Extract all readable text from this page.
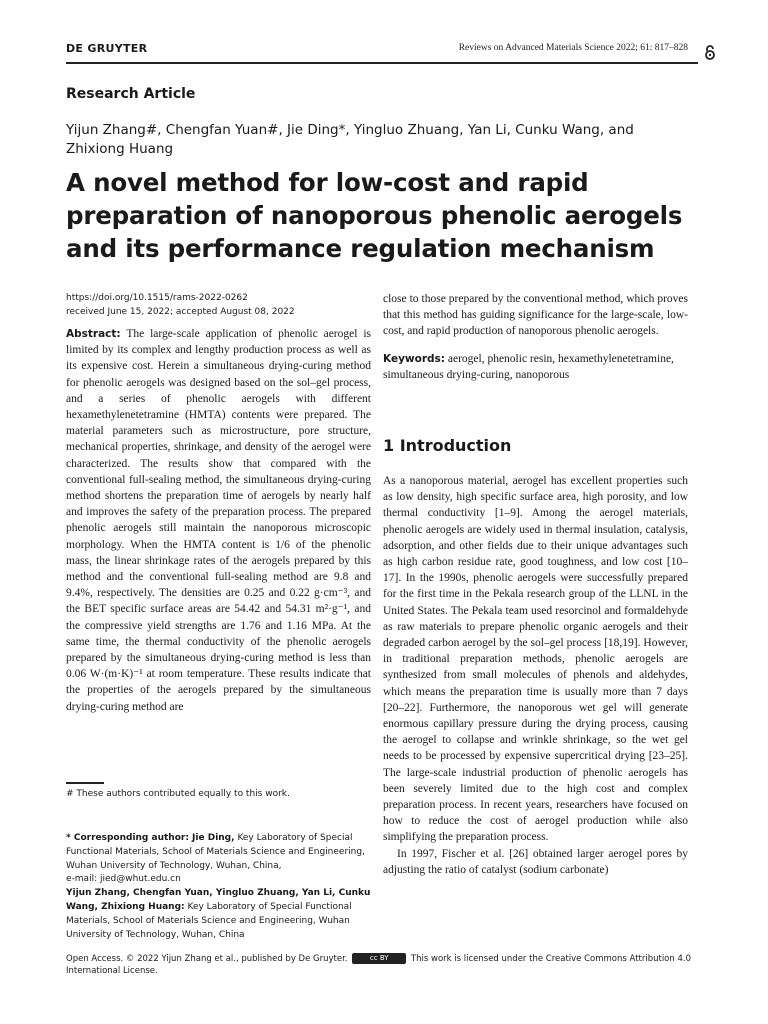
DE GRUYTER	Reviews on Advanced Materials Science 2022; 61: 817–828
Research Article
Yijun Zhang#, Chengfan Yuan#, Jie Ding*, Yingluo Zhuang, Yan Li, Cunku Wang, and Zhixiong Huang
A novel method for low-cost and rapid preparation of nanoporous phenolic aerogels and its performance regulation mechanism
https://doi.org/10.1515/rams-2022-0262
received June 15, 2022; accepted August 08, 2022
Abstract: The large-scale application of phenolic aerogel is limited by its complex and lengthy production process as well as its expensive cost. Herein a simultaneous drying-curing method for phenolic aerogels was designed based on the sol–gel process, and a series of phenolic aerogels with different hexamethylenetetramine (HMTA) contents were prepared. The material parameters such as microstructure, pore structure, mechanical properties, shrinkage, and density of the aerogel were characterized. The results show that compared with the conventional full-sealing method, the simultaneous drying-curing method shortens the preparation time of aerogels by nearly half and improves the safety of the preparation process. The prepared phenolic aerogels still maintain the nanoporous microscopic morphology. When the HMTA content is 1/6 of the phenolic mass, the linear shrinkage rates of the aerogels prepared by this method and the conventional full-sealing method are 9.8 and 9.4%, respectively. The densities are 0.25 and 0.22 g·cm⁻³, and the BET specific surface areas are 54.42 and 54.31 m²·g⁻¹, and the compressive yield strengths are 1.76 and 1.16 MPa. At the same time, the thermal conductivity of the phenolic aerogels prepared by the simultaneous drying-curing method is less than 0.06 W·(m·K)⁻¹ at room temperature. These results indicate that the properties of the aerogels prepared by the simultaneous drying-curing method are

close to those prepared by the conventional method, which proves that this method has guiding significance for the large-scale, low-cost, and rapid production of nanoporous phenolic aerogels.

Keywords: aerogel, phenolic resin, hexamethylenetetramine, simultaneous drying-curing, nanoporous

# These authors contributed equally to this work.
* Corresponding author: Jie Ding, Key Laboratory of Special Functional Materials, School of Materials Science and Engineering, Wuhan University of Technology, Wuhan, China,
e-mail: jied@whut.edu.cn
Yijun Zhang, Chengfan Yuan, Yingluo Zhuang, Yan Li, Cunku Wang, Zhixiong Huang: Key Laboratory of Special Functional Materials, School of Materials Science and Engineering, Wuhan University of Technology, Wuhan, China
1 Introduction

As a nanoporous material, aerogel has excellent properties such as low density, high specific surface area, high porosity, and low thermal conductivity [1–9]. Among the aerogel materials, phenolic aerogels are widely used in thermal insulation, catalysis, adsorption, and other fields due to their unique advantages such as high carbon residue rate, good toughness, and low cost [10–17]. In the 1990s, phenolic aerogels were successfully prepared for the first time in the Pekala research group of the LLNL in the United States. The Pekala team used resorcinol and formaldehyde as raw materials to prepare phenolic organic aerogels and their degraded carbon aerogel by the sol–gel process [18,19]. However, in traditional preparation methods, phenolic aerogels are synthesized from small molecules of phenols and aldehydes, which means the preparation time is usually more than 7 days [20–22]. Furthermore, the nanoporous wet gel will generate enormous capillary pressure during the drying process, causing the aerogel to collapse and wrinkle shrinkage, so the wet gel needs to be processed by expensive supercritical drying [23–25]. The large-scale industrial production of phenolic aerogels has been severely limited due to the high cost and complex preparation process. In recent years, researchers have focused on how to reduce the cost of aerogel production while also simplifying the preparation process.

In 1997, Fischer et al. [26] obtained larger aerogel pores by adjusting the ratio of catalyst (sodium carbonate)

Open Access. © 2022 Yijun Zhang et al., published by De Gruyter.	cc BY	This work is licensed under the Creative Commons Attribution 4.0 International License.
